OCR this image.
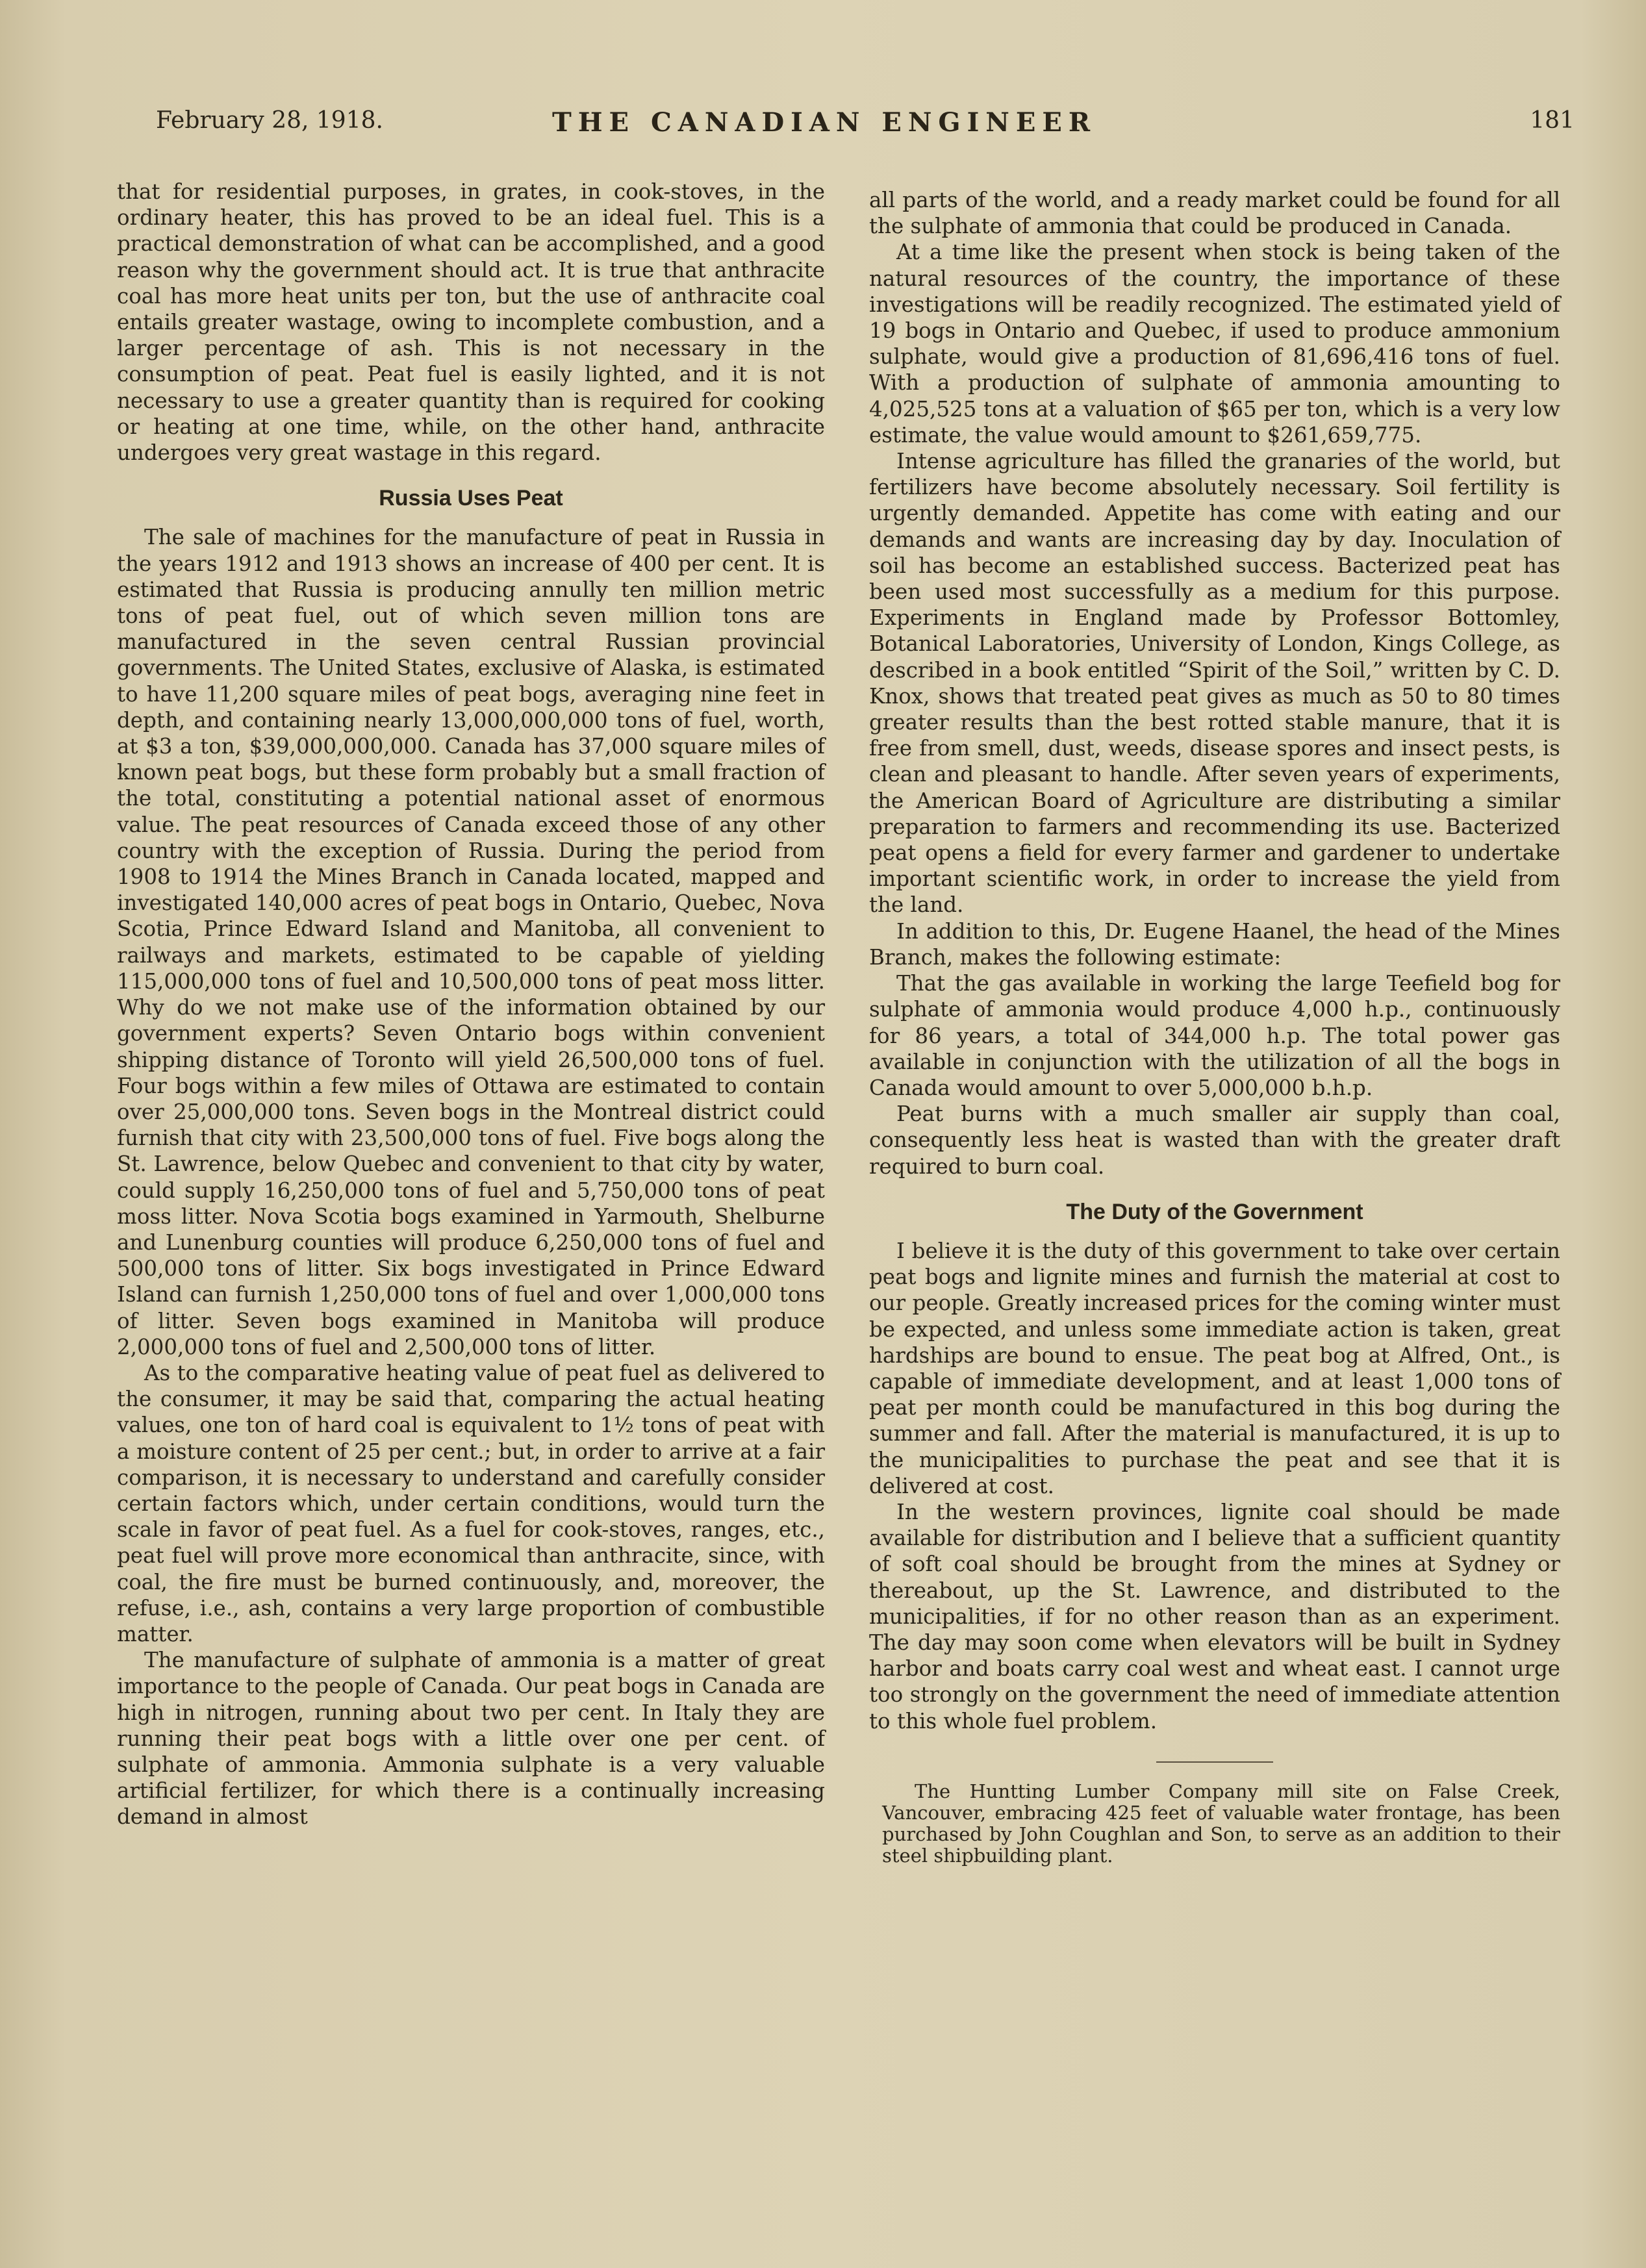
February 28, 1918.	THE CANADIAN ENGINEER	181

that for residential purposes, in grates, in cook-stoves, in the ordinary heater, this has proved to be an ideal fuel. This is a practical demonstration of what can be accomplished, and a good reason why the government should act. It is true that anthracite coal has more heat units per ton, but the use of anthracite coal entails greater wastage, owing to incomplete combustion, and a larger percentage of ash. This is not necessary in the consumption of peat. Peat fuel is easily lighted, and it is not necessary to use a greater quantity than is required for cooking or heating at one time, while, on the other hand, anthracite undergoes very great wastage in this regard.

Russia Uses Peat

The sale of machines for the manufacture of peat in Russia in the years 1912 and 1913 shows an increase of 400 per cent. It is estimated that Russia is producing annully ten million metric tons of peat fuel, out of which seven million tons are manufactured in the seven central Russian provincial governments. The United States, exclusive of Alaska, is estimated to have 11,200 square miles of peat bogs, averaging nine feet in depth, and containing nearly 13,000,000,000 tons of fuel, worth, at $3 a ton, $39,000,000,000. Canada has 37,000 square miles of known peat bogs, but these form probably but a small fraction of the total, constituting a potential national asset of enormous value. The peat resources of Canada exceed those of any other country with the exception of Russia. During the period from 1908 to 1914 the Mines Branch in Canada located, mapped and investigated 140,000 acres of peat bogs in Ontario, Quebec, Nova Scotia, Prince Edward Island and Manitoba, all convenient to railways and markets, estimated to be capable of yielding 115,000,000 tons of fuel and 10,500,000 tons of peat moss litter. Why do we not make use of the information obtained by our government experts? Seven Ontario bogs within convenient shipping distance of Toronto will yield 26,500,000 tons of fuel. Four bogs within a few miles of Ottawa are estimated to contain over 25,000,000 tons. Seven bogs in the Montreal district could furnish that city with 23,500,000 tons of fuel. Five bogs along the St. Lawrence, below Quebec and convenient to that city by water, could supply 16,250,000 tons of fuel and 5,750,000 tons of peat moss litter. Nova Scotia bogs examined in Yarmouth, Shelburne and Lunenburg counties will produce 6,250,000 tons of fuel and 500,000 tons of litter. Six bogs investigated in Prince Edward Island can furnish 1,250,000 tons of fuel and over 1,000,000 tons of litter. Seven bogs examined in Manitoba will produce 2,000,000 tons of fuel and 2,500,000 tons of litter.

As to the comparative heating value of peat fuel as delivered to the consumer, it may be said that, comparing the actual heating values, one ton of hard coal is equivalent to 1½ tons of peat with a moisture content of 25 per cent.; but, in order to arrive at a fair comparison, it is necessary to understand and carefully consider certain factors which, under certain conditions, would turn the scale in favor of peat fuel. As a fuel for cook-stoves, ranges, etc., peat fuel will prove more economical than anthracite, since, with coal, the fire must be burned continuously, and, moreover, the refuse, i.e., ash, contains a very large proportion of combustible matter.

The manufacture of sulphate of ammonia is a matter of great importance to the people of Canada. Our peat bogs in Canada are high in nitrogen, running about two per cent. In Italy they are running their peat bogs with a little over one per cent. of sulphate of ammonia. Ammonia sulphate is a very valuable artificial fertilizer, for which there is a continually increasing demand in almost

all parts of the world, and a ready market could be found for all the sulphate of ammonia that could be produced in Canada.

At a time like the present when stock is being taken of the natural resources of the country, the importance of these investigations will be readily recognized. The estimated yield of 19 bogs in Ontario and Quebec, if used to produce ammonium sulphate, would give a production of 81,696,416 tons of fuel. With a production of sulphate of ammonia amounting to 4,025,525 tons at a valuation of $65 per ton, which is a very low estimate, the value would amount to $261,659,775.

Intense agriculture has filled the granaries of the world, but fertilizers have become absolutely necessary. Soil fertility is urgently demanded. Appetite has come with eating and our demands and wants are increasing day by day. Inoculation of soil has become an established success. Bacterized peat has been used most successfully as a medium for this purpose. Experiments in England made by Professor Bottomley, Botanical Laboratories, University of London, Kings College, as described in a book entitled “Spirit of the Soil,” written by C. D. Knox, shows that treated peat gives as much as 50 to 80 times greater results than the best rotted stable manure, that it is free from smell, dust, weeds, disease spores and insect pests, is clean and pleasant to handle. After seven years of experiments, the American Board of Agriculture are distributing a similar preparation to farmers and recommending its use. Bacterized peat opens a field for every farmer and gardener to undertake important scientific work, in order to increase the yield from the land.

In addition to this, Dr. Eugene Haanel, the head of the Mines Branch, makes the following estimate:

That the gas available in working the large Teefield bog for sulphate of ammonia would produce 4,000 h.p., continuously for 86 years, a total of 344,000 h.p. The total power gas available in conjunction with the utilization of all the bogs in Canada would amount to over 5,000,000 b.h.p.

Peat burns with a much smaller air supply than coal, consequently less heat is wasted than with the greater draft required to burn coal.

The Duty of the Government

I believe it is the duty of this government to take over certain peat bogs and lignite mines and furnish the material at cost to our people. Greatly increased prices for the coming winter must be expected, and unless some immediate action is taken, great hardships are bound to ensue. The peat bog at Alfred, Ont., is capable of immediate development, and at least 1,000 tons of peat per month could be manufactured in this bog during the summer and fall. After the material is manufactured, it is up to the municipalities to purchase the peat and see that it is delivered at cost.

In the western provinces, lignite coal should be made available for distribution and I believe that a sufficient quantity of soft coal should be brought from the mines at Sydney or thereabout, up the St. Lawrence, and distributed to the municipalities, if for no other reason than as an experiment. The day may soon come when elevators will be built in Sydney harbor and boats carry coal west and wheat east. I cannot urge too strongly on the government the need of immediate attention to this whole fuel problem.

The Huntting Lumber Company mill site on False Creek, Vancouver, embracing 425 feet of valuable water frontage, has been purchased by John Coughlan and Son, to serve as an addition to their steel shipbuilding plant.
